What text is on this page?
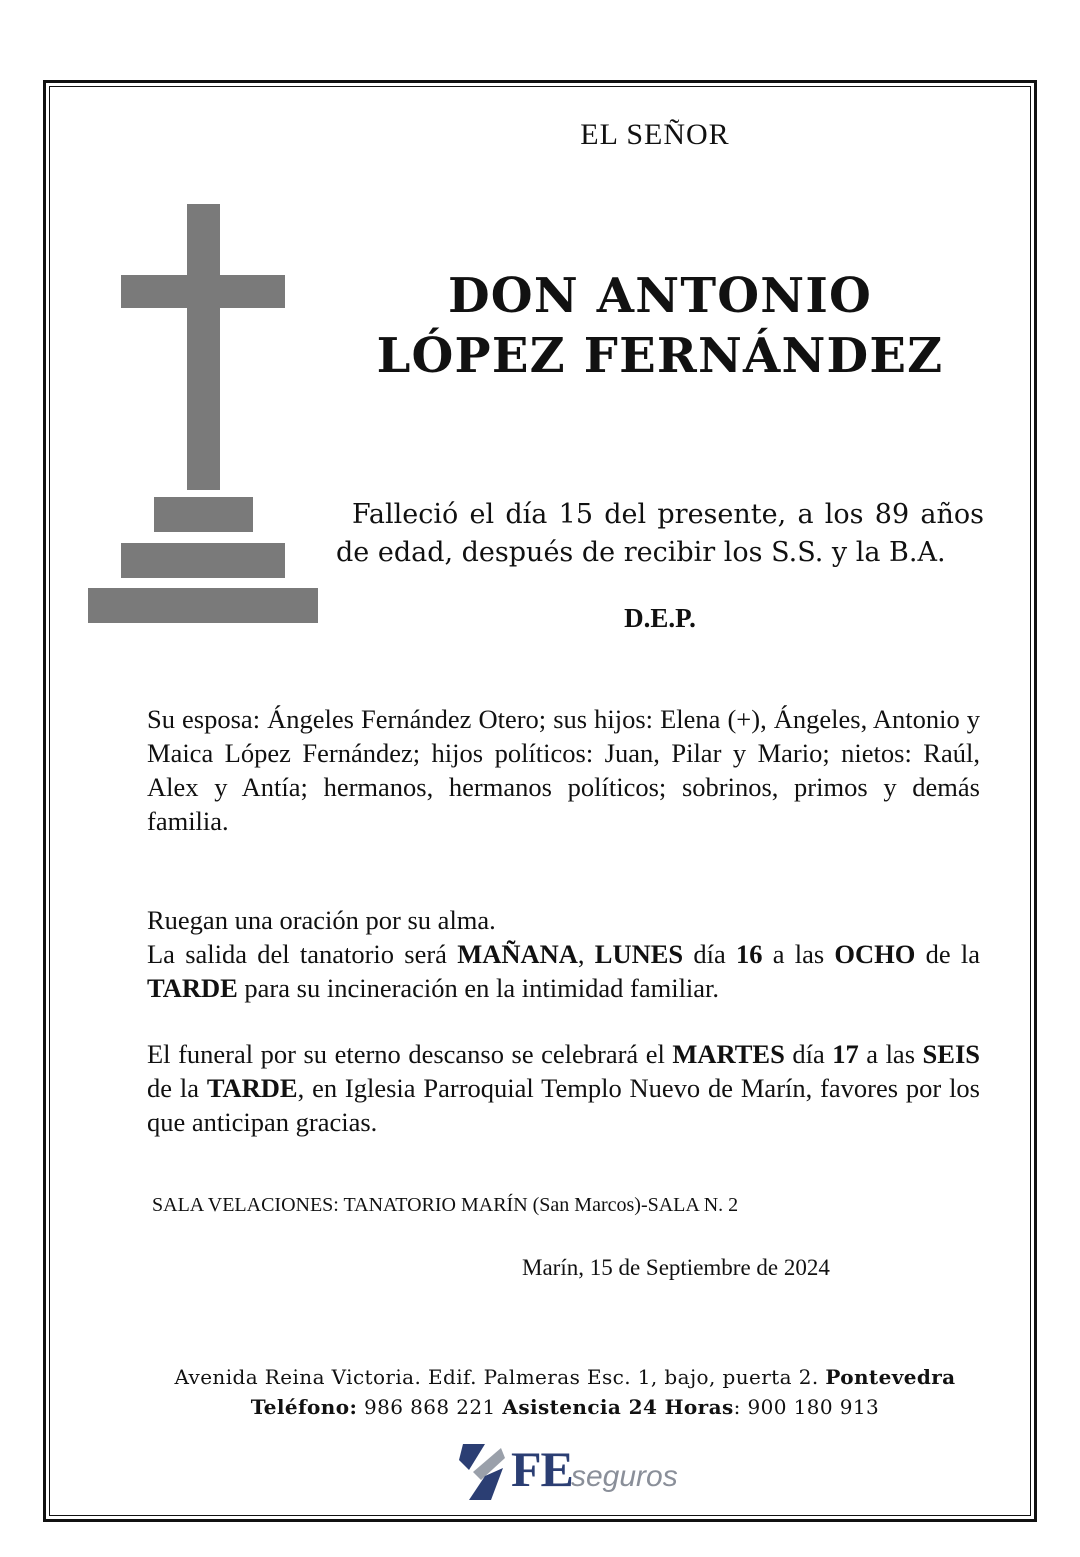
EL SEÑOR
DON ANTONIO
LÓPEZ FERNÁNDEZ
Falleció el día 15 del presente, a los 89 años de edad, después de recibir los S.S. y la B.A.
D.E.P.
Su esposa: Ángeles Fernández Otero; sus hijos: Elena (+), Ángeles, Antonio y Maica López Fernández; hijos políticos: Juan, Pilar y Mario; nietos: Raúl, Alex y Antía; hermanos, hermanos políticos; sobrinos, primos y demás familia.
Ruegan una oración por su alma.
La salida del tanatorio será MAÑANA, LUNES día 16 a las OCHO de la TARDE para su incineración en la intimidad familiar.
El funeral por su eterno descanso se celebrará el MARTES día 17 a las SEIS de la TARDE, en Iglesia Parroquial Templo Nuevo de Marín, favores por los que anticipan gracias.
SALA VELACIONES: TANATORIO MARÍN (San Marcos)-SALA N. 2
Marín, 15 de Septiembre de 2024
Avenida Reina Victoria. Edif. Palmeras Esc. 1, bajo, puerta 2. Pontevedra
Teléfono: 986 868 221 Asistencia 24 Horas: 900 180 913
FE
seguros
